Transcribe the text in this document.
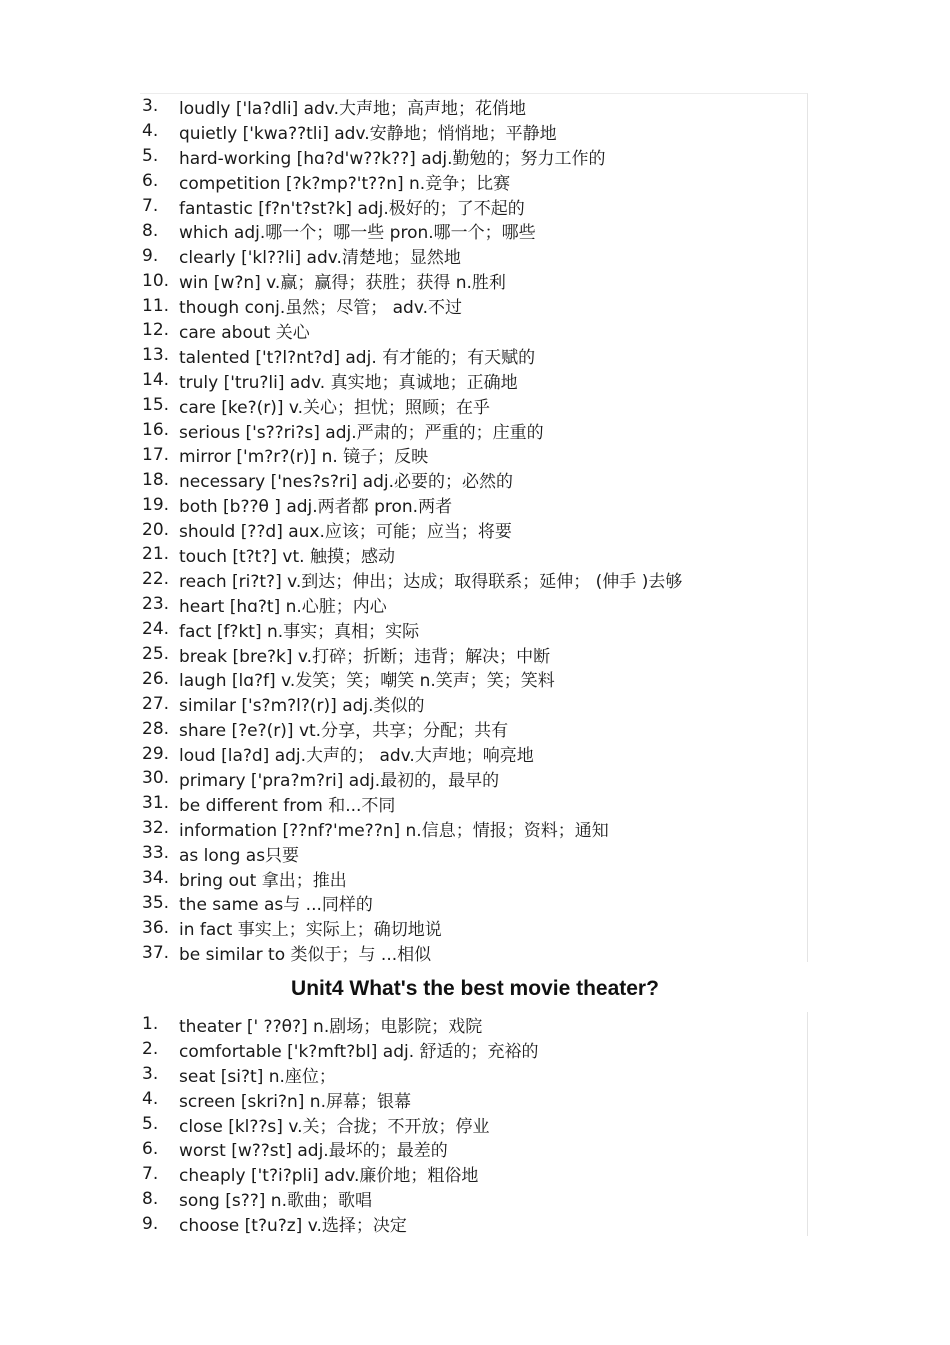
3.	loudly ['la?dli] adv.大声地；高声地；花俏地
4.	quietly ['kwa??tli] adv.安静地；悄悄地；平静地
5.	hard-working [hɑ?d'w??k??] adj.勤勉的；努力工作的
6.	competition [?k?mp?'t??n] n.竞争；比赛
7.	fantastic [f?n't?st?k] adj.极好的；了不起的
8.	which adj.哪一个；哪一些 pron.哪一个；哪些
9.	clearly ['kl??li] adv.清楚地；显然地
10. win [w?n] v.赢；赢得；获胜；获得 n.胜利
11. though conj.虽然；尽管； adv.不过
12. care about 关心
13. talented ['t?l?nt?d] adj. 有才能的；有天赋的
14. truly ['tru?li] adv. 真实地；真诚地；正确地
15. care [ke?(r)] v.关心；担忧；照顾；在乎
16. serious ['s??ri?s] adj.严肃的；严重的；庄重的
17. mirror ['m?r?(r)] n. 镜子；反映
18. necessary ['nes?s?ri] adj.必要的；必然的
19. both [b??θ ] adj.两者都 pron.两者
20. should [??d] aux.应该；可能；应当；将要
21. touch [t?t?] vt. 触摸；感动
22. reach [ri?t?] v.到达；伸出；达成；取得联系；延伸； (伸手 )去够
23. heart [hɑ?t] n.心脏；内心
24. fact [f?kt] n.事实；真相；实际
25. break [bre?k] v.打碎；折断；违背；解决；中断
26. laugh [lɑ?f] v.发笑；笑；嘲笑 n.笑声；笑；笑料
27. similar ['s?m?l?(r)] adj.类似的
28. share [?e?(r)] vt.分享，共享；分配；共有
29. loud [la?d] adj.大声的； adv.大声地；响亮地
30. primary ['pra?m?ri] adj.最初的，最早的
31. be different from 和...不同
32. information [??nf?'me??n] n.信息；情报；资料；通知
33. as long as只要
34. bring out 拿出；推出
35. the same as与 ...同样的
36. in fact 事实上；实际上；确切地说
37. be similar to 类似于；与 ...相似
Unit4 What's the best movie theater?
1.	theater [' ??θ?] n.剧场；电影院；戏院
2.	comfortable ['k?mft?bl] adj. 舒适的；充裕的
3.	seat [si?t] n.座位；
4.	screen [skri?n] n.屏幕；银幕
5.	close [kl??s] v.关；合拢；不开放；停业
6.	worst [w??st] adj.最坏的；最差的
7.	cheaply ['t?i?pli] adv.廉价地；粗俗地
8.	song [s??] n.歌曲；歌唱
9.	choose [t?u?z] v.选择；决定
